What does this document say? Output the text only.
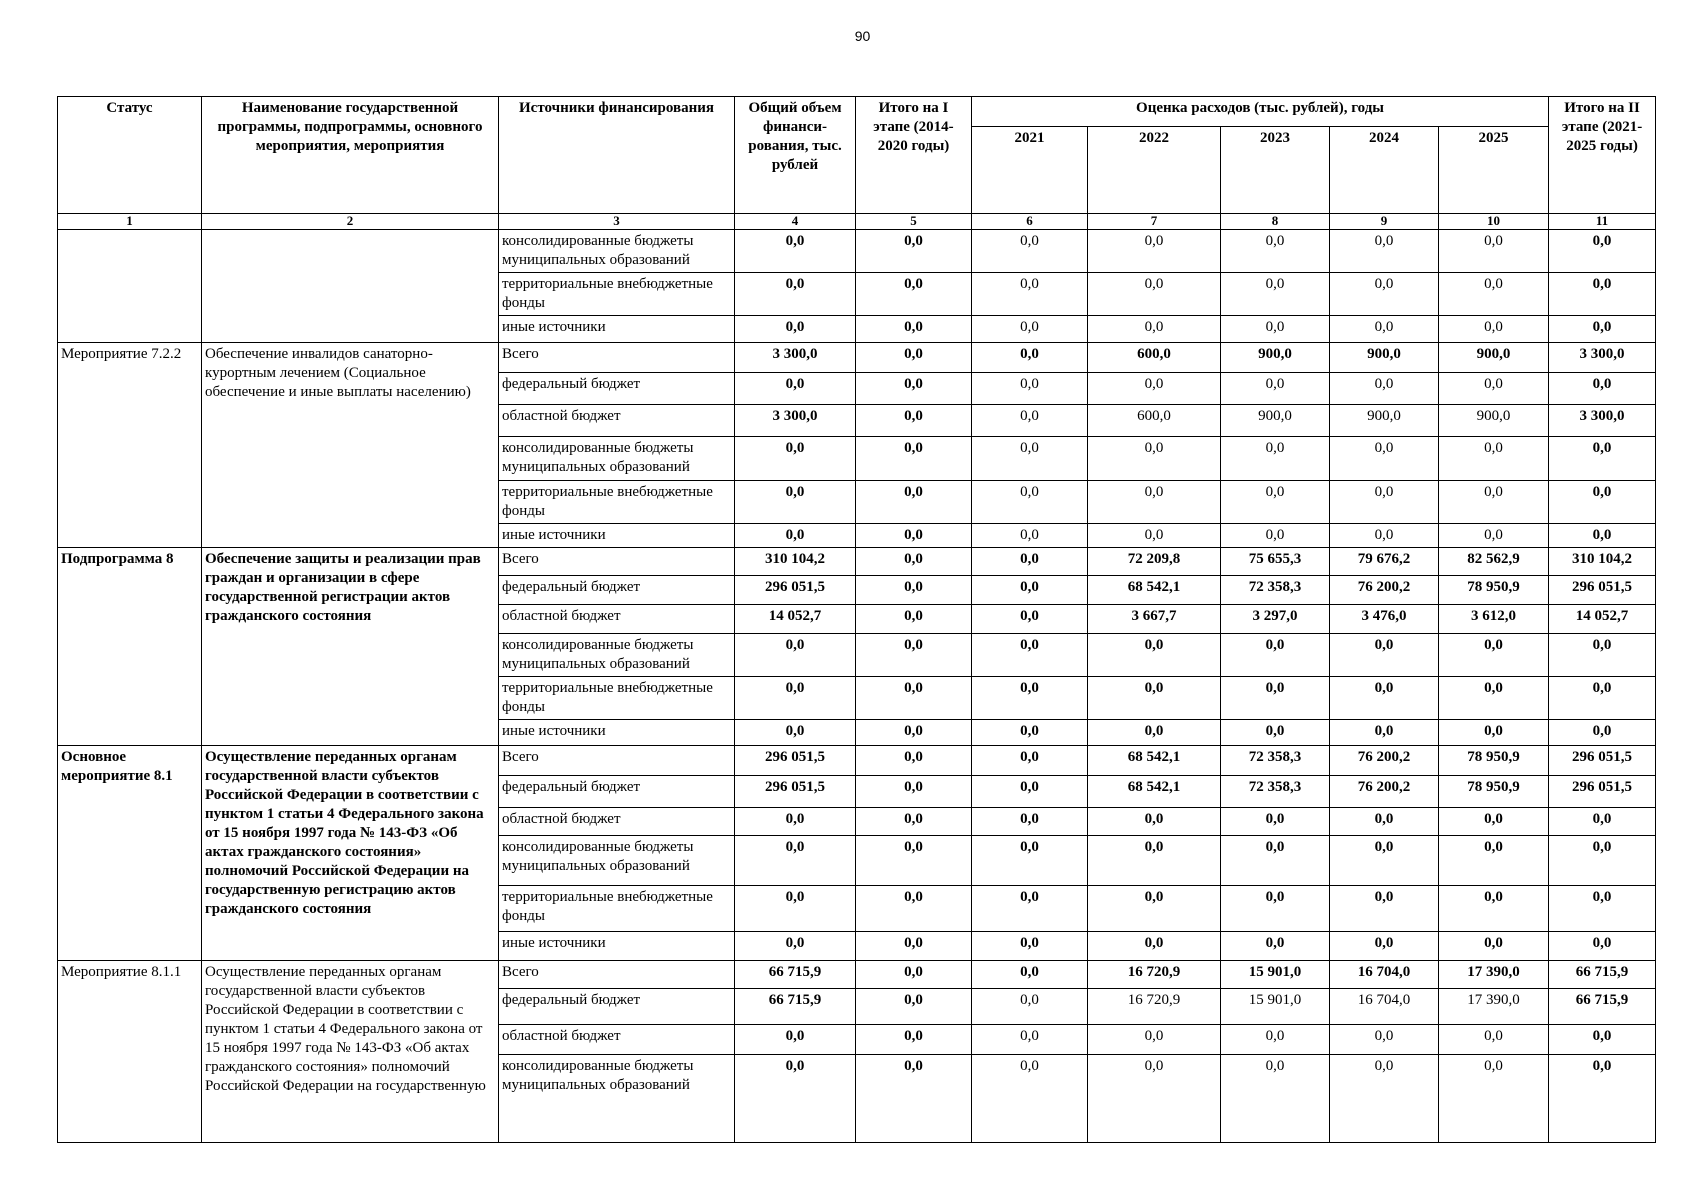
90
Статус	Наименование государственной программы, подпрограммы, основного мероприятия, мероприятия	Источники финансирования	Общий объем финанси-рования, тыс. рублей	Итого на I этапе (2014-2020 годы)	Оценка расходов (тыс. рублей), годы					Итого на II этапе (2021-2025 годы)
					2021	2022	2023	2024	2025	
1	2	3	4	5	6	7	8	9	10	11
		консолидированные бюджеты муниципальных образований	0,0	0,0	0,0	0,0	0,0	0,0	0,0	0,0
		территориальные внебюджетные фонды	0,0	0,0	0,0	0,0	0,0	0,0	0,0	0,0
		иные источники	0,0	0,0	0,0	0,0	0,0	0,0	0,0	0,0
Мероприятие 7.2.2	Обеспечение инвалидов санаторно-курортным лечением (Социальное обеспечение и иные выплаты населению)	Всего	3 300,0	0,0	0,0	600,0	900,0	900,0	900,0	3 300,0
		федеральный бюджет	0,0	0,0	0,0	0,0	0,0	0,0	0,0	0,0
		областной бюджет	3 300,0	0,0	0,0	600,0	900,0	900,0	900,0	3 300,0
		консолидированные бюджеты муниципальных образований	0,0	0,0	0,0	0,0	0,0	0,0	0,0	0,0
		территориальные внебюджетные фонды	0,0	0,0	0,0	0,0	0,0	0,0	0,0	0,0
		иные источники	0,0	0,0	0,0	0,0	0,0	0,0	0,0	0,0
Подпрограмма 8	Обеспечение защиты и реализации прав граждан и организации в сфере государственной регистрации актов гражданского состояния	Всего	310 104,2	0,0	0,0	72 209,8	75 655,3	79 676,2	82 562,9	310 104,2
		федеральный бюджет	296 051,5	0,0	0,0	68 542,1	72 358,3	76 200,2	78 950,9	296 051,5
		областной бюджет	14 052,7	0,0	0,0	3 667,7	3 297,0	3 476,0	3 612,0	14 052,7
		консолидированные бюджеты муниципальных образований	0,0	0,0	0,0	0,0	0,0	0,0	0,0	0,0
		территориальные внебюджетные фонды	0,0	0,0	0,0	0,0	0,0	0,0	0,0	0,0
		иные источники	0,0	0,0	0,0	0,0	0,0	0,0	0,0	0,0
Основное мероприятие 8.1	Осуществление переданных органам государственной власти субъектов Российской Федерации в соответствии с пунктом 1 статьи 4 Федерального закона от 15 ноября 1997 года № 143-ФЗ «Об актах гражданского состояния» полномочий Российской Федерации на государственную регистрацию актов гражданского состояния	Всего	296 051,5	0,0	0,0	68 542,1	72 358,3	76 200,2	78 950,9	296 051,5
		федеральный бюджет	296 051,5	0,0	0,0	68 542,1	72 358,3	76 200,2	78 950,9	296 051,5
		областной бюджет	0,0	0,0	0,0	0,0	0,0	0,0	0,0	0,0
		консолидированные бюджеты муниципальных образований	0,0	0,0	0,0	0,0	0,0	0,0	0,0	0,0
		территориальные внебюджетные фонды	0,0	0,0	0,0	0,0	0,0	0,0	0,0	0,0
		иные источники	0,0	0,0	0,0	0,0	0,0	0,0	0,0	0,0
Мероприятие 8.1.1	Осуществление переданных органам государственной власти субъектов Российской Федерации в соответствии с пунктом 1 статьи 4 Федерального закона от 15 ноября 1997 года № 143-ФЗ «Об актах гражданского состояния» полномочий Российской Федерации на государственную	Всего	66 715,9	0,0	0,0	16 720,9	15 901,0	16 704,0	17 390,0	66 715,9
		федеральный бюджет	66 715,9	0,0	0,0	16 720,9	15 901,0	16 704,0	17 390,0	66 715,9
		областной бюджет	0,0	0,0	0,0	0,0	0,0	0,0	0,0	0,0
		консолидированные бюджеты муниципальных образований	0,0	0,0	0,0	0,0	0,0	0,0	0,0	0,0
